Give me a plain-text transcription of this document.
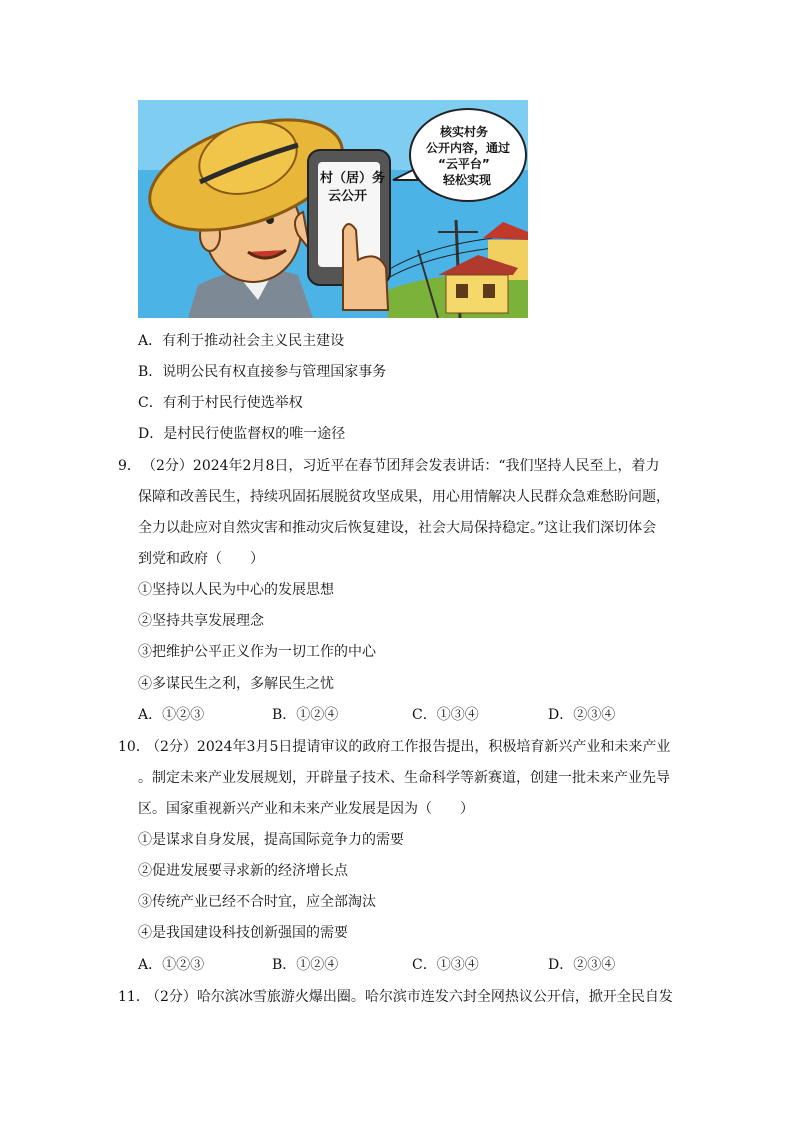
村（居）务
云公开
核实村务
公开内容，通过
“云平台”
轻松实现
A．有利于推动社会主义民主建设
B．说明公民有权直接参与管理国家事务
C．有利于村民行使选举权
D．是村民行使监督权的唯一途径
9． （2分）2024年2月8日，习近平在春节团拜会发表讲话：“我们坚持人民至上，着力
保障和改善民生，持续巩固拓展脱贫攻坚成果，用心用情解决人民群众急难愁盼问题，
全力以赴应对自然灾害和推动灾后恢复建设，社会大局保持稳定。”这让我们深切体会
到党和政府（　　）
①坚持以人民为中心的发展思想
②坚持共享发展理念
③把维护公平正义作为一切工作的中心
④多谋民生之利，多解民生之忧
A．①②③	B．①②④	C．①③④	D．②③④
10．
（2分）2024年3月5日提请审议的政府工作报告提出，积极培育新兴产业和未来产业
。制定未来产业发展规划，开辟量子技术、生命科学等新赛道，创建一批未来产业先导
区。国家重视新兴产业和未来产业发展是因为（　　）
①是谋求自身发展，提高国际竞争力的需要
②促进发展要寻求新的经济增长点
③传统产业已经不合时宜，应全部淘汰
④是我国建设科技创新强国的需要
A．①②③	B．①②④	C．①③④	D．②③④
11．
（2分）哈尔滨冰雪旅游火爆出圈。哈尔滨市连发六封全网热议公开信，掀开全民自发
